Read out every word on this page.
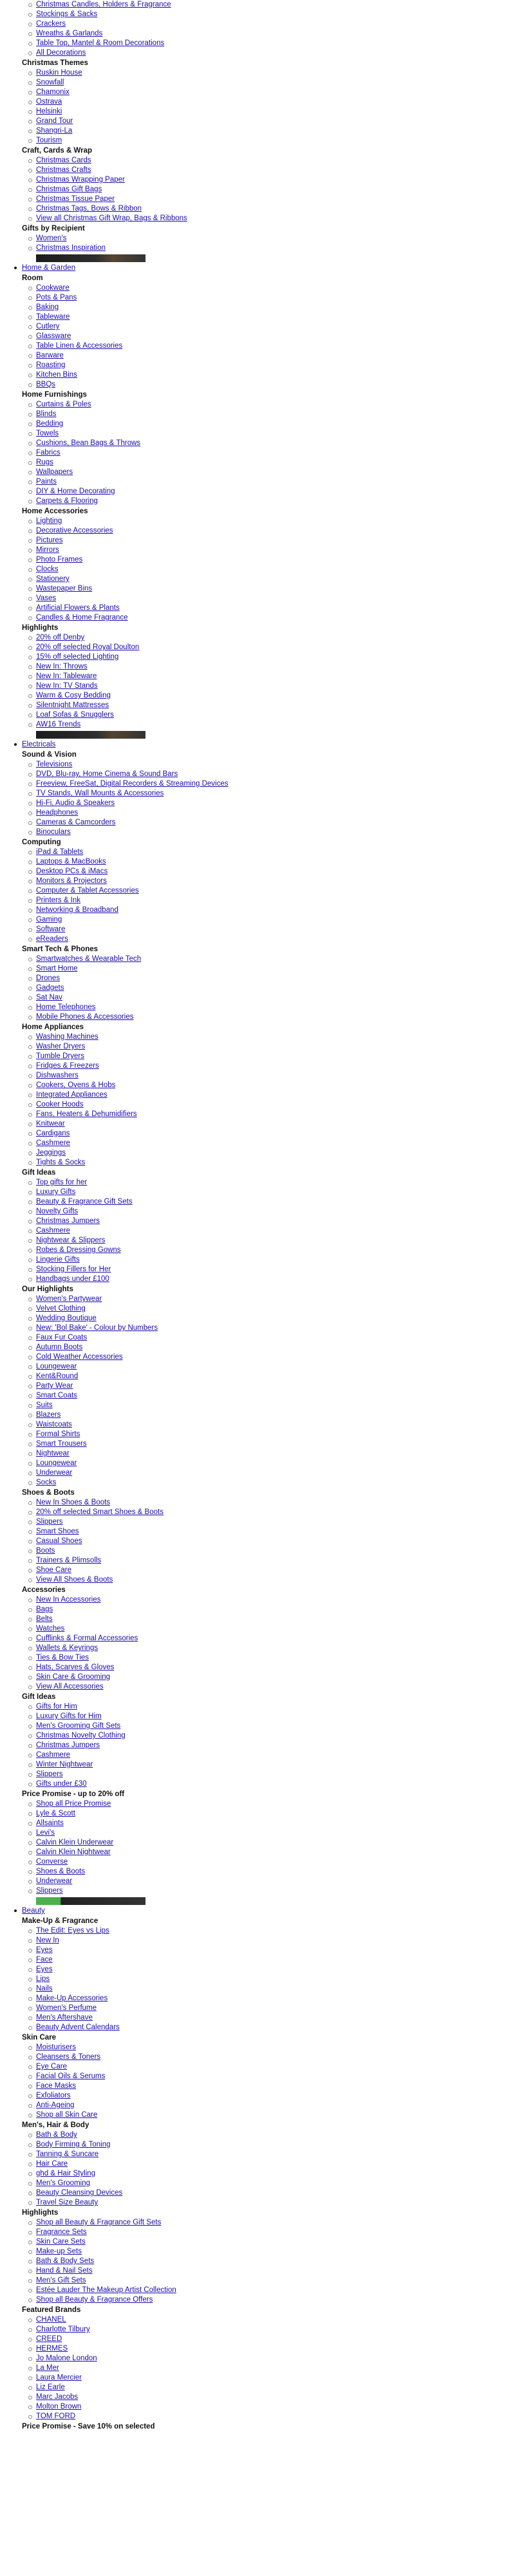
Christmas Candles, Holders & Fragrance
Stockings & Sacks
Crackers
Wreaths & Garlands
Table Top, Mantel & Room Decorations
All Decorations
Christmas Themes
Ruskin House
Snowfall
Chamonix
Ostrava
Helsinki
Grand Tour
Shangri-La
Tourism
Craft, Cards & Wrap
Christmas Cards
Christmas Crafts
Christmas Wrapping Paper
Christmas Gift Bags
Christmas Tissue Paper
Christmas Tags, Bows & Ribbon
View all Christmas Gift Wrap, Bags & Ribbons
Gifts by Recipient
Women's
Christmas Inspiration
Home & Garden
Room
Cookware
Pots & Pans
Baking
Tableware
Cutlery
Glassware
Table Linen & Accessories
Barware
Roasting
Kitchen Bins
BBQs
Home Furnishings
Curtains & Poles
Blinds
Bedding
Towels
Cushions, Bean Bags & Throws
Fabrics
Rugs
Wallpapers
Paints
DIY & Home Decorating
Carpets & Flooring
Home Accessories
Lighting
Decorative Accessories
Pictures
Mirrors
Photo Frames
Clocks
Stationery
Wastepaper Bins
Vases
Artificial Flowers & Plants
Candles & Home Fragrance
Highlights
20% off Denby
20% off selected Royal Doulton
15% off selected Lighting
New In: Throws
New In: Tableware
New In: TV Stands
Warm & Cosy Bedding
Silentnight Mattresses
Loaf Sofas & Snugglers
AW16 Trends
Electricals
Sound & Vision
Televisions
DVD, Blu-ray, Home Cinema & Sound Bars
Freeview, FreeSat, Digital Recorders & Streaming Devices
TV Stands, Wall Mounts & Accessories
Hi-Fi, Audio & Speakers
Headphones
Cameras & Camcorders
Binoculars
Computing
iPad & Tablets
Laptops & MacBooks
Desktop PCs & iMacs
Monitors & Projectors
Computer & Tablet Accessories
Printers & Ink
Networking & Broadband
Gaming
Software
eReaders
Smart Tech & Phones
Smartwatches & Wearable Tech
Smart Home
Drones
Gadgets
Sat Nav
Home Telephones
Mobile Phones & Accessories
Home Appliances
Washing Machines
Washer Dryers
Tumble Dryers
Fridges & Freezers
Dishwashers
Cookers, Ovens & Hobs
Integrated Appliances
Cooker Hoods
Fans, Heaters & Dehumidifiers
Knitwear
Cardigans
Cashmere
Jeggings
Tights & Socks
Gift Ideas
Top gifts for her
Luxury Gifts
Beauty & Fragrance Gift Sets
Novelty Gifts
Christmas Jumpers
Cashmere
Nightwear & Slippers
Robes & Dressing Gowns
Lingerie Gifts
Stocking Fillers for Her
Handbags under £100
Our Highlights
Women's Partywear
Velvet Clothing
Wedding Boutique
New: 'Bol Bake' - Colour by Numbers
Faux Fur Coats
Autumn Boots
Cold Weather Accessories
Loungewear
Kent&Round
Party Wear
Smart Coats
Suits
Blazers
Waistcoats
Formal Shirts
Smart Trousers
Nightwear
Loungewear
Underwear
Socks
Shoes & Boots
New In Shoes & Boots
20% off selected Smart Shoes & Boots
Slippers
Smart Shoes
Casual Shoes
Boots
Trainers & Plimsolls
Shoe Care
View All Shoes & Boots
Accessories
New In Accessories
Bags
Belts
Watches
Cufflinks & Formal Accessories
Wallets & Keyrings
Ties & Bow Ties
Hats, Scarves & Gloves
Skin Care & Grooming
View All Accessories
Gift Ideas
Gifts for Him
Luxury Gifts for Him
Men's Grooming Gift Sets
Christmas Novelty Clothing
Christmas Jumpers
Cashmere
Winter Nightwear
Slippers
Gifts under £30
Price Promise - up to 20% off
Shop all Price Promise
Lyle & Scott
Allsaints
Levi's
Calvin Klein Underwear
Calvin Klein Nightwear
Converse
Shoes & Boots
Underwear
Slippers
Beauty
Make-Up & Fragrance
The Edit: Eyes vs Lips
New In
Eyes
Face
Eyes
Lips
Nails
Make-Up Accessories
Women's Perfume
Men's Aftershave
Beauty Advent Calendars
Skin Care
Moisturisers
Cleansers & Toners
Eye Care
Facial Oils & Serums
Face Masks
Exfoliators
Anti-Ageing
Shop all Skin Care
Men's, Hair & Body
Bath & Body
Body Firming & Toning
Tanning & Suncare
Hair Care
ghd & Hair Styling
Men's Grooming
Beauty Cleansing Devices
Travel Size Beauty
Highlights
Shop all Beauty & Fragrance Gift Sets
Fragrance Sets
Skin Care Sets
Make-up Sets
Bath & Body Sets
Hand & Nail Sets
Men's Gift Sets
Estée Lauder The Makeup Artist Collection
Shop all Beauty & Fragrance Offers
Featured Brands
CHANEL
Charlotte Tilbury
CREED
HERMES
Jo Malone London
La Mer
Laura Mercier
Liz Earle
Marc Jacobs
Molton Brown
TOM FORD
Price Promise - Save 10% on selected
